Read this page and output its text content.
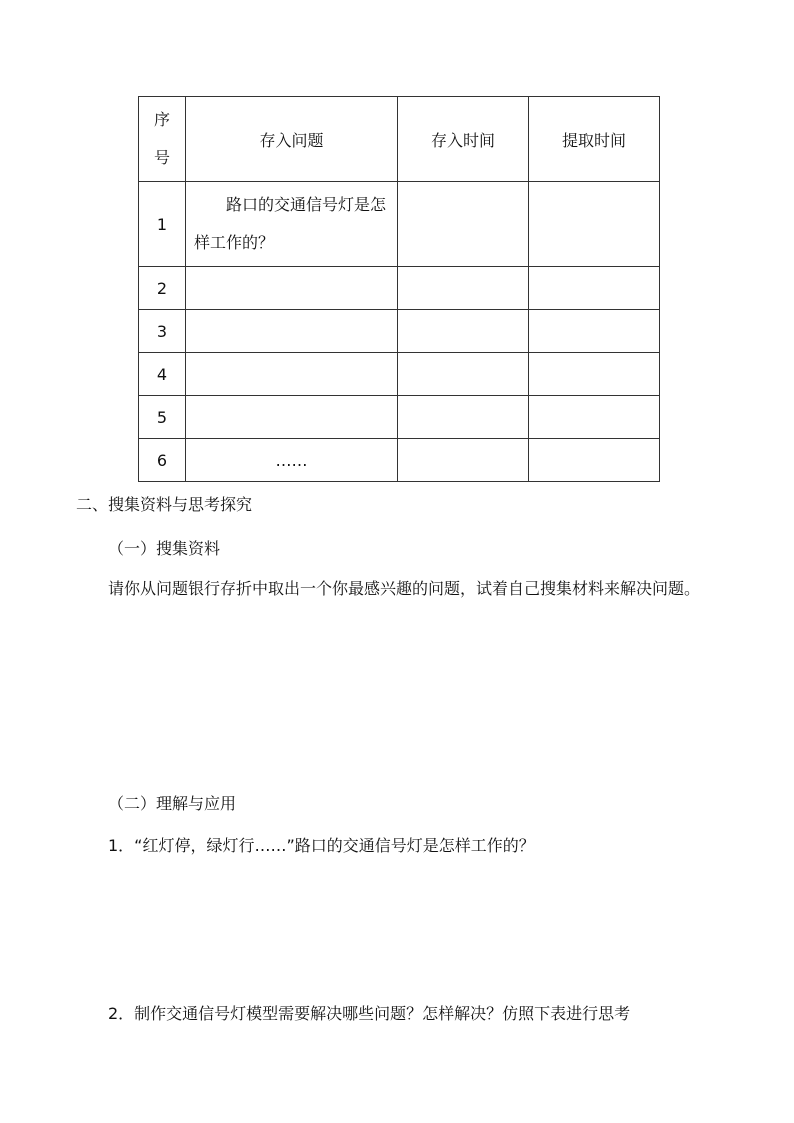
序号	存入问题	存入时间	提取时间
1	路口的交通信号灯是怎样工作的？		
2			
3			
4			
5			
6	……		
二、搜集资料与思考探究
（一）搜集资料
请你从问题银行存折中取出一个你最感兴趣的问题，试着自己搜集材料来解决问题。
（二）理解与应用
1．“红灯停，绿灯行……”路口的交通信号灯是怎样工作的？
2．制作交通信号灯模型需要解决哪些问题？怎样解决？仿照下表进行思考
